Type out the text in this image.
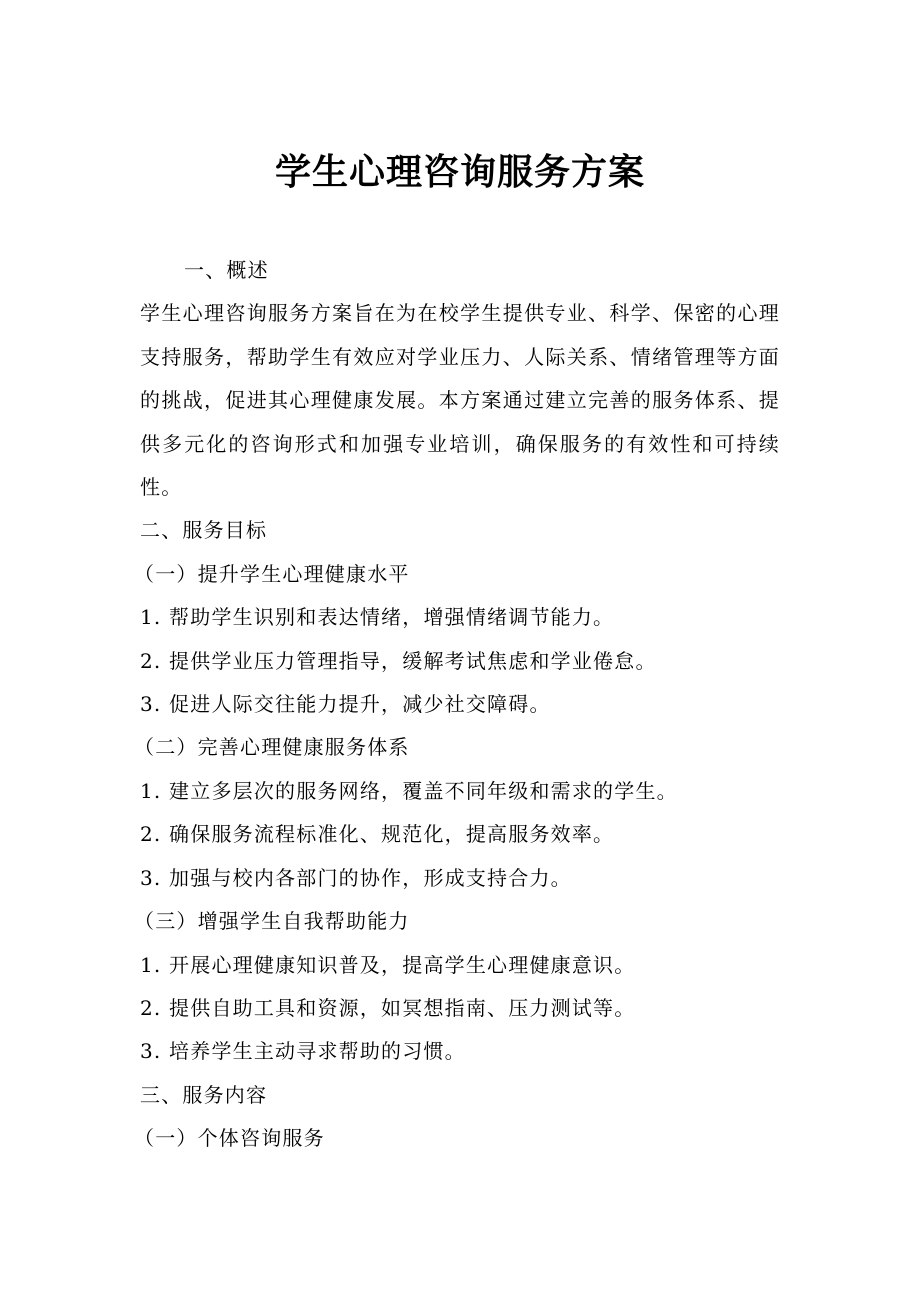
学生心理咨询服务方案
一、概述
学生心理咨询服务方案旨在为在校学生提供专业、科学、保密的心理支持服务，帮助学生有效应对学业压力、人际关系、情绪管理等方面的挑战，促进其心理健康发展。本方案通过建立完善的服务体系、提供多元化的咨询形式和加强专业培训，确保服务的有效性和可持续性。
二、服务目标
（一）提升学生心理健康水平
1. 帮助学生识别和表达情绪，增强情绪调节能力。
2. 提供学业压力管理指导，缓解考试焦虑和学业倦怠。
3. 促进人际交往能力提升，减少社交障碍。
（二）完善心理健康服务体系
1. 建立多层次的服务网络，覆盖不同年级和需求的学生。
2. 确保服务流程标准化、规范化，提高服务效率。
3. 加强与校内各部门的协作，形成支持合力。
（三）增强学生自我帮助能力
1. 开展心理健康知识普及，提高学生心理健康意识。
2. 提供自助工具和资源，如冥想指南、压力测试等。
3. 培养学生主动寻求帮助的习惯。
三、服务内容
（一）个体咨询服务
